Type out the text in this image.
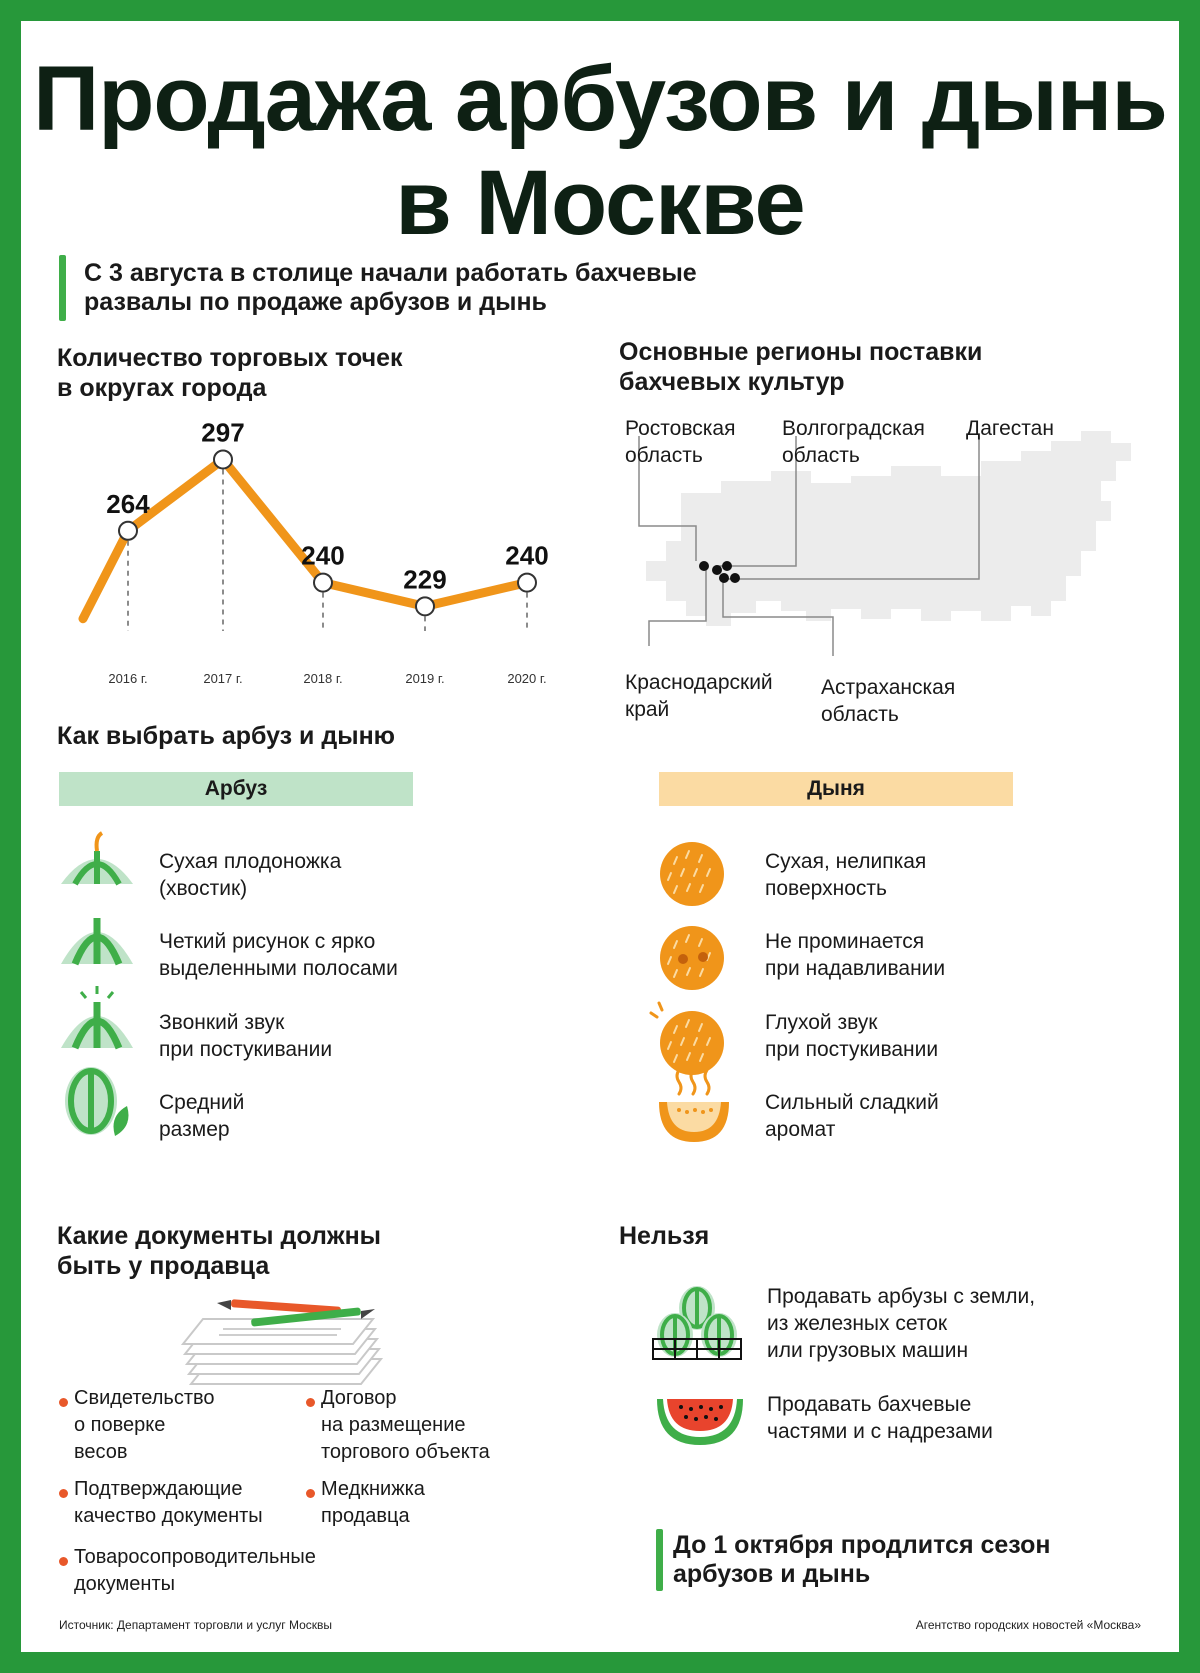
Продажа арбузов и дынь
в Москве
С 3 августа в столице начали работать бахчевые развалы по продаже арбузов и дынь
Количество торговых точек
в округах города
2016 г.	2017 г.	2018 г.	2019 г.	2020 г.
264
297
240
229
240
Основные регионы поставки
бахчевых культур
Ростовская
область
Волгоградская
область
Дагестан
Краснодарский
край
Астраханская
область
Как выбрать арбуз и дыню
Арбуз	Дыня
Сухая плодоножка
(хвостик)
Четкий рисунок с ярко
выделенными полосами
Звонкий звук
при постукивании
Средний
размер
Сухая, нелипкая
поверхность
Не проминается
при надавливании
Глухой звук
при постукивании
Сильный сладкий
аромат
Какие документы должны
быть у продавца
Свидетельство
о поверке
весов
Договор
на размещение
торгового объекта
Подтверждающие
качество документы
Медкнижка
продавца
Товаросопроводительные
документы
Нельзя
Продавать арбузы с земли,
из железных сеток
или грузовых машин
Продавать бахчевые
частями и с надрезами
До 1 октября продлится сезон арбузов и дынь
Источник: Департамент торговли и услуг Москвы	Агентство городских новостей «Москва»
